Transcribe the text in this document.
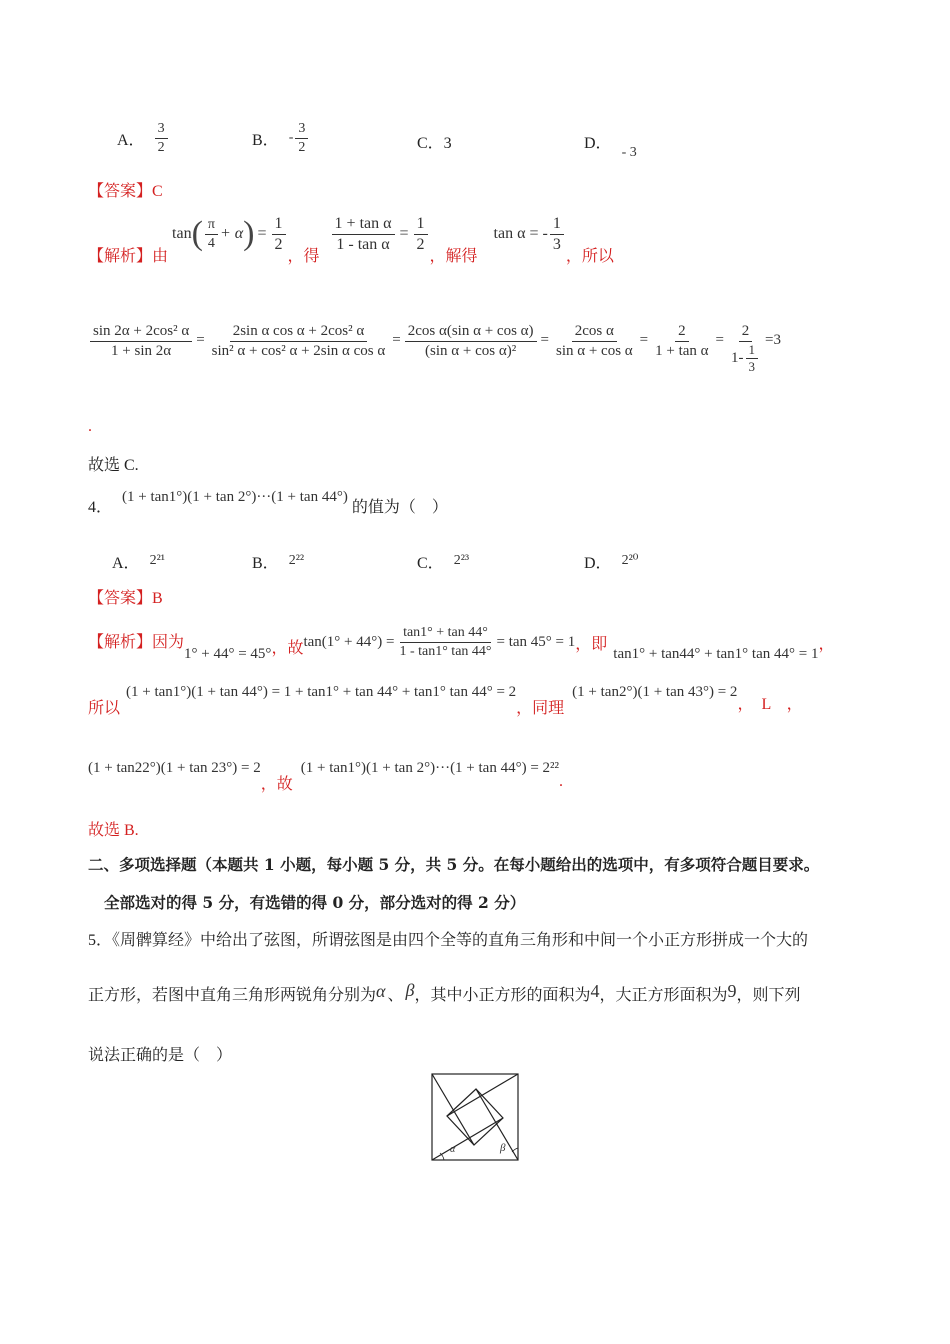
A． $\frac{3}{2}$	B． - $\frac{3}{2}$	C．3	D． - 3
【答案】C
【解析】由
tan ( $\frac{\pi}{4} + \alpha$ ) = $\frac{1}{2}$
，得
$\frac{\text{1 + tan α}}{\text{1 - tan α}} = \frac{1}{2}$
，解得
tan α = - $\frac{1}{3}$
，所以
$\frac{\text{sin 2α + 2cos² α}}{1 + \sin 2\alpha} = \frac{\text{2sin α cos α + 2cos² α}}{\text{sin² α + cos² α + 2sin α cos α}} = \frac{\text{2cos α(sin α + cos α)}}{\text{(sin α + cos α)²}} = \frac{\text{2cos α}}{\text{sin α + cos α}} = \frac{2}{\text{1 + tan α}} = \frac{2}{1- \frac{1}{3}} =3$
.
故选 C.
4．
(1 + tan1°)(1 + tan 2°)···(1 + tan 44°)
的值为（　）
A． 2²¹	B． 2²²	C． 2²³	D． 2²⁰
【答案】B
【解析】因为
1° + 44° = 45° ，故 $\tan(1^\circ + 44^\circ) = \frac{\tan 1^\circ + \tan 44^\circ}{1 - \tan 1^\circ \tan 44^\circ} = \tan 45^\circ = 1$ ，即
tan1° + tan44° + tan1° tan 44° = 1
，
所以
(1 + tan1°)(1 + tan 44°) = 1 + tan1° + tan 44° + tan1° tan 44° = 2
，同理
(1 + tan2°)(1 + tan 43°) = 2
，　L　，
(1 + tan22°)(1 + tan 23°) = 2
，故
(1 + tan1°)(1 + tan 2°)···(1 + tan 44°) = 2²²
.
故选 B.
二、多项选择题（本题共 1 小题，每小题 5 分，共 5 分。在每小题给出的选项中，有多项符合题目要求。
全部选对的得 5 分，有选错的得 0 分，部分选对的得 2 分）
5．《周髀算经》中给出了弦图，所谓弦图是由四个全等的直角三角形和中间一个小正方形拼成一个大的
正方形，若图中直角三角形两锐角分别为α 、 β，其中小正方形的面积为4，大正方形面积为9，则下列
说法正确的是（　）
α	β
